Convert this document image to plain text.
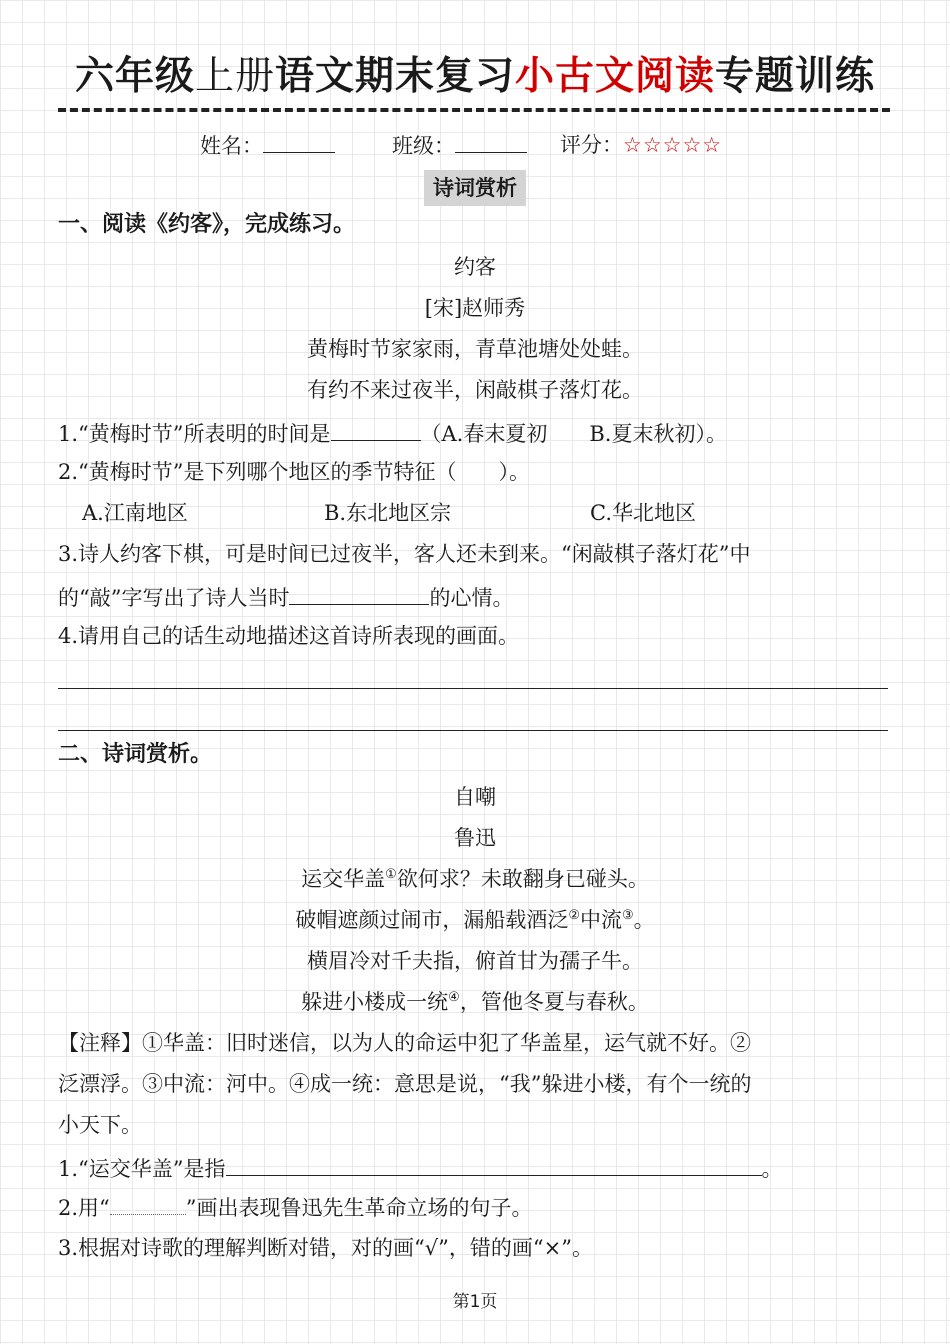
六年级上册语文期末复习小古文阅读专题训练
姓名：	班级：	评分：☆☆☆☆☆
诗词赏析
一、阅读《约客》，完成练习。
约客
[宋]赵师秀
黄梅时节家家雨，青草池塘处处蛙。
有约不来过夜半，闲敲棋子落灯花。
1.“黄梅时节”所表明的时间是	（A.春末夏初　　B.夏末秋初）。
2.“黄梅时节”是下列哪个地区的季节特征（　　）。
A.江南地区	B.东北地区宗	C.华北地区
3.诗人约客下棋，可是时间已过夜半，客人还未到来。“闲敲棋子落灯花”中
的“敲”字写出了诗人当时	的心情。
4.请用自己的话生动地描述这首诗所表现的画面。
二、诗词赏析。
自嘲
鲁迅
运交华盖①欲何求？未敢翻身已碰头。
破帽遮颜过闹市，漏船载酒泛②中流③。
横眉冷对千夫指，俯首甘为孺子牛。
躲进小楼成一统④，管他冬夏与春秋。
【注释】①华盖：旧时迷信，以为人的命运中犯了华盖星，运气就不好。②
泛漂浮。③中流：河中。④成一统：意思是说，“我”躲进小楼，有个一统的
小天下。
1.“运交华盖”是指	。
2.用“	”画出表现鲁迅先生革命立场的句子。
3.根据对诗歌的理解判断对错，对的画“√”，错的画“×”。
第1页
